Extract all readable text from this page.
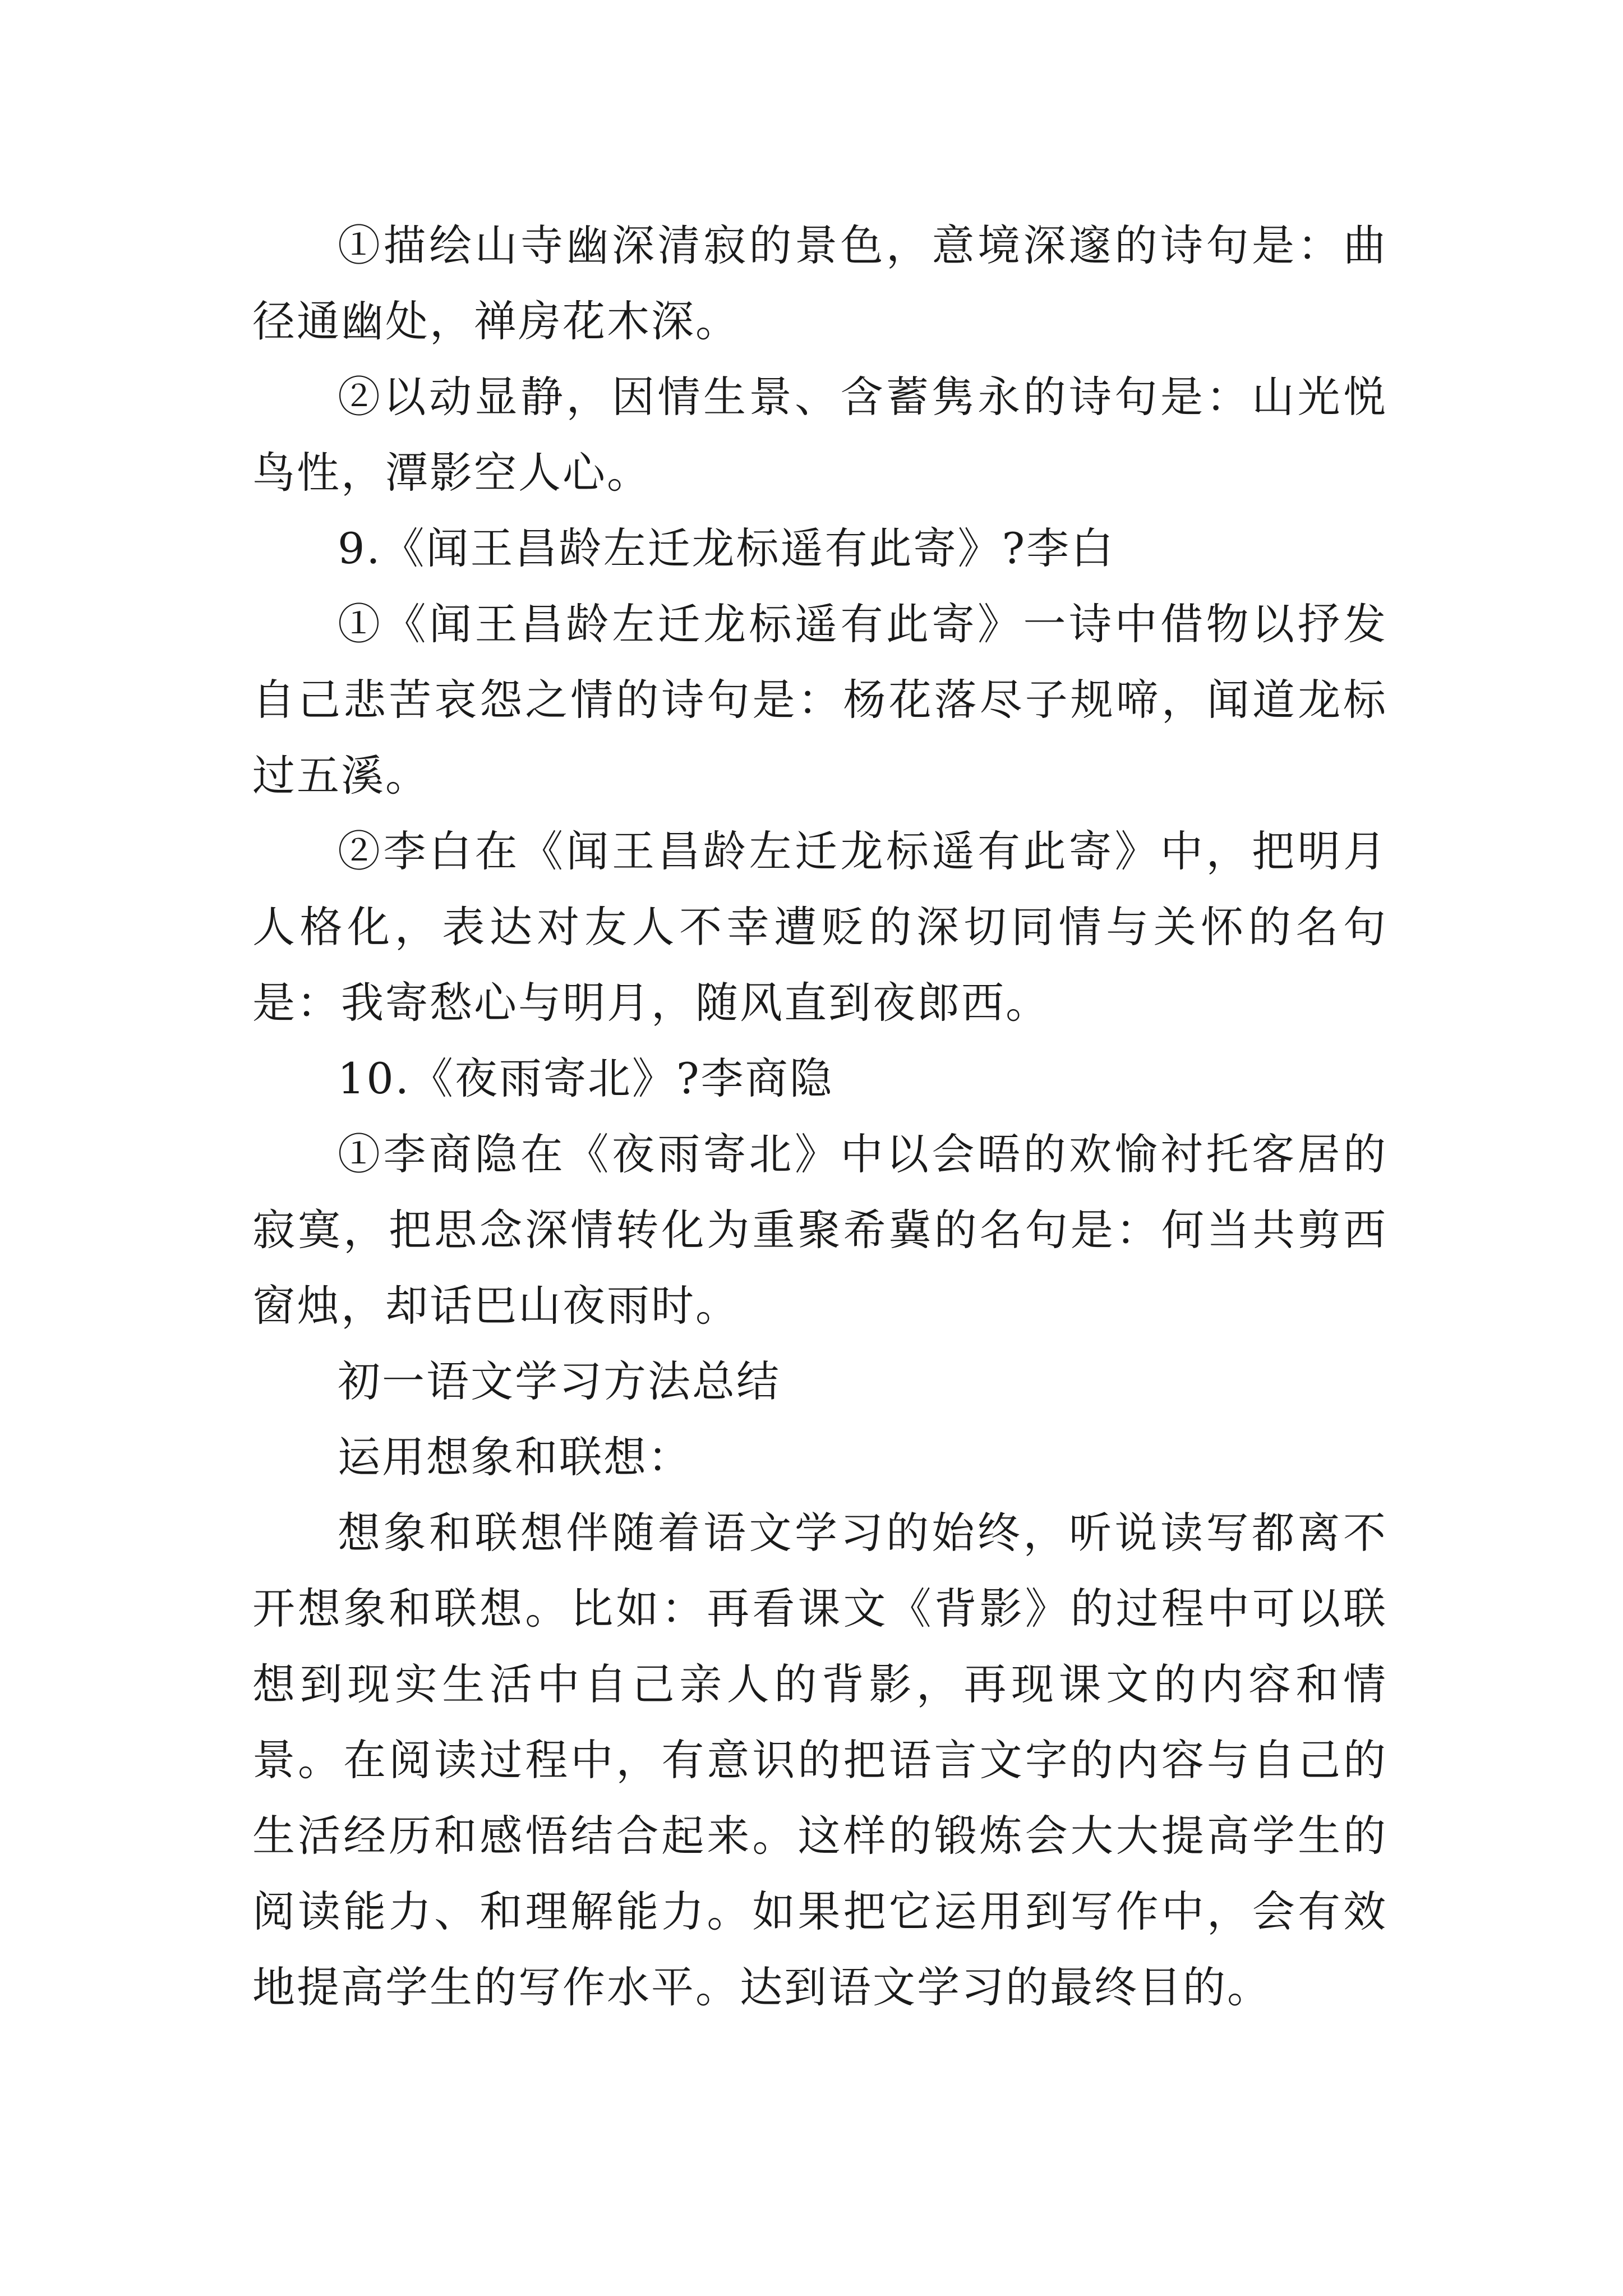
①描绘山寺幽深清寂的景色，意境深邃的诗句是：曲径通幽处，禅房花木深。

②以动显静，因情生景、含蓄隽永的诗句是：山光悦鸟性，潭影空人心。

9.《闻王昌龄左迁龙标遥有此寄》?李白

①《闻王昌龄左迁龙标遥有此寄》一诗中借物以抒发自己悲苦哀怨之情的诗句是：杨花落尽子规啼，闻道龙标过五溪。

②李白在《闻王昌龄左迁龙标遥有此寄》中，把明月人格化，表达对友人不幸遭贬的深切同情与关怀的名句是：我寄愁心与明月，随风直到夜郎西。

10.《夜雨寄北》?李商隐

①李商隐在《夜雨寄北》中以会晤的欢愉衬托客居的寂寞，把思念深情转化为重聚希冀的名句是：何当共剪西窗烛，却话巴山夜雨时。

初一语文学习方法总结

运用想象和联想：

想象和联想伴随着语文学习的始终，听说读写都离不开想象和联想。比如：再看课文《背影》的过程中可以联想到现实生活中自己亲人的背影，再现课文的内容和情景。在阅读过程中，有意识的把语言文字的内容与自己的生活经历和感悟结合起来。这样的锻炼会大大提高学生的阅读能力、和理解能力。如果把它运用到写作中，会有效地提高学生的写作水平。达到语文学习的最终目的。
